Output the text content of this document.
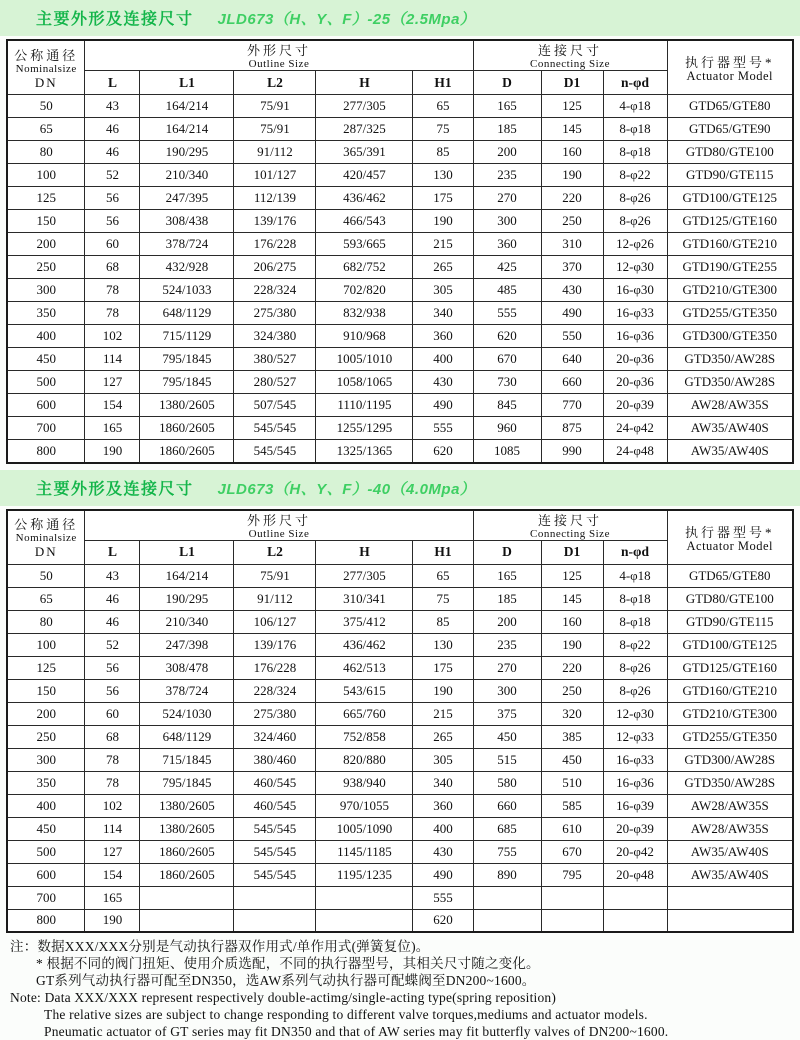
主要外形及连接尺寸 JLD673（H、Y、F）-25（2.5Mpa）
公称通径
Nominalsize
DN	外形尺寸
Outline Size					连接尺寸
Connecting Size			执行器型号*
Actuator Model

	L	L1	L2	H	H1	D	D1	n-φd	
50	43	164/214	75/91	277/305	65	165	125	4-φ18	GTD65/GTE80
65	46	164/214	75/91	287/325	75	185	145	8-φ18	GTD65/GTE90
80	46	190/295	91/112	365/391	85	200	160	8-φ18	GTD80/GTE100
100	52	210/340	101/127	420/457	130	235	190	8-φ22	GTD90/GTE115
125	56	247/395	112/139	436/462	175	270	220	8-φ26	GTD100/GTE125
150	56	308/438	139/176	466/543	190	300	250	8-φ26	GTD125/GTE160
200	60	378/724	176/228	593/665	215	360	310	12-φ26	GTD160/GTE210
250	68	432/928	206/275	682/752	265	425	370	12-φ30	GTD190/GTE255
300	78	524/1033	228/324	702/820	305	485	430	16-φ30	GTD210/GTE300
350	78	648/1129	275/380	832/938	340	555	490	16-φ33	GTD255/GTE350
400	102	715/1129	324/380	910/968	360	620	550	16-φ36	GTD300/GTE350
450	114	795/1845	380/527	1005/1010	400	670	640	20-φ36	GTD350/AW28S
500	127	795/1845	280/527	1058/1065	430	730	660	20-φ36	GTD350/AW28S
600	154	1380/2605	507/545	1110/1195	490	845	770	20-φ39	AW28/AW35S
700	165	1860/2605	545/545	1255/1295	555	960	875	24-φ42	AW35/AW40S
800	190	1860/2605	545/545	1325/1365	620	1085	990	24-φ48	AW35/AW40S
主要外形及连接尺寸 JLD673（H、Y、F）-40（4.0Mpa）
公称通径
Nominalsize
DN	外形尺寸
Outline Size					连接尺寸
Connecting Size			执行器型号*
Actuator Model

	L	L1	L2	H	H1	D	D1	n-φd	
50	43	164/214	75/91	277/305	65	165	125	4-φ18	GTD65/GTE80
65	46	190/295	91/112	310/341	75	185	145	8-φ18	GTD80/GTE100
80	46	210/340	106/127	375/412	85	200	160	8-φ18	GTD90/GTE115
100	52	247/398	139/176	436/462	130	235	190	8-φ22	GTD100/GTE125
125	56	308/478	176/228	462/513	175	270	220	8-φ26	GTD125/GTE160
150	56	378/724	228/324	543/615	190	300	250	8-φ26	GTD160/GTE210
200	60	524/1030	275/380	665/760	215	375	320	12-φ30	GTD210/GTE300
250	68	648/1129	324/460	752/858	265	450	385	12-φ33	GTD255/GTE350
300	78	715/1845	380/460	820/880	305	515	450	16-φ33	GTD300/AW28S
350	78	795/1845	460/545	938/940	340	580	510	16-φ36	GTD350/AW28S
400	102	1380/2605	460/545	970/1055	360	660	585	16-φ39	AW28/AW35S
450	114	1380/2605	545/545	1005/1090	400	685	610	20-φ39	AW28/AW35S
500	127	1860/2605	545/545	1145/1185	430	755	670	20-φ42	AW35/AW40S
600	154	1860/2605	545/545	1195/1235	490	890	795	20-φ48	AW35/AW40S
700	165				555				
800	190				620				
注：数据XXX/XXX分别是气动执行器双作用式/单作用式(弹簧复位)。
* 根据不同的阀门扭矩、使用介质选配，不同的执行器型号，其相关尺寸随之变化。
GT系列气动执行器可配至DN350，选AW系列气动执行器可配蝶阀至DN200~1600。
Note: Data XXX/XXX represent respectively double-actimg/single-acting type(spring reposition)
The relative sizes are subject to change responding to different valve torques,mediums and actuator models.
Pneumatic actuator of GT series may fit DN350 and that of AW series may fit butterfly valves of DN200~1600.
